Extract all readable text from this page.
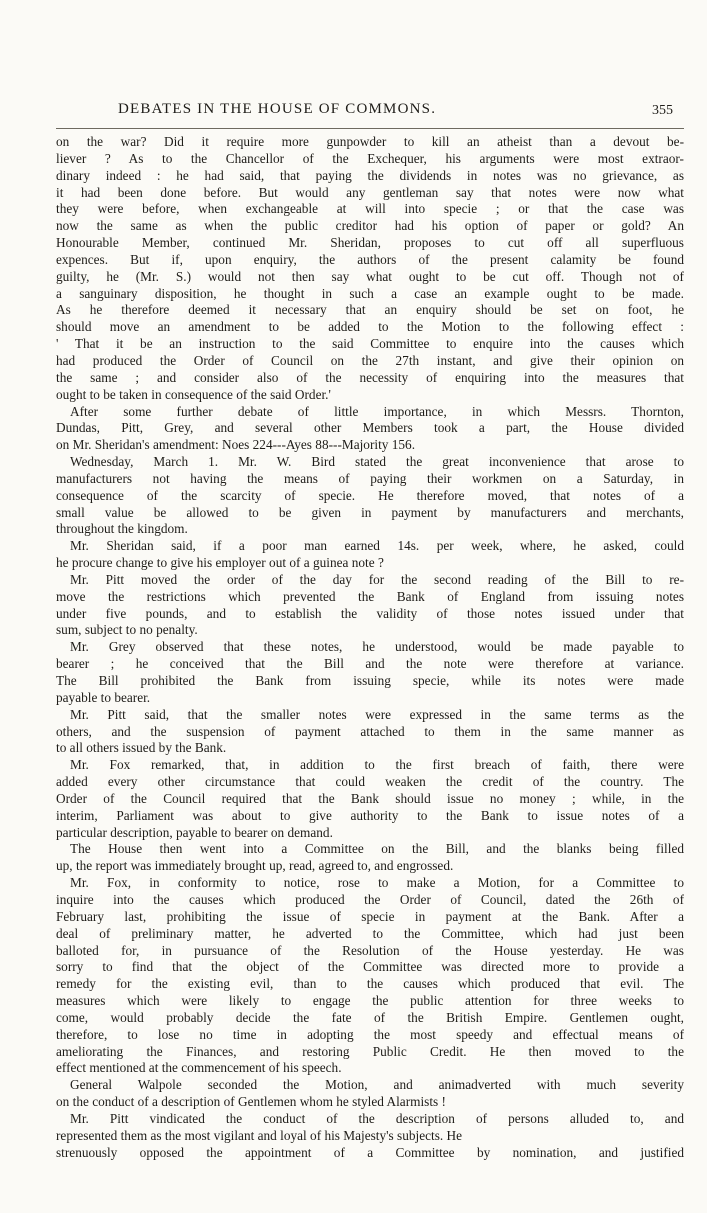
DEBATES IN THE HOUSE OF COMMONS.	355
on the war? Did it require more gunpowder to kill an atheist than a devout be-
liever ? As to the Chancellor of the Exchequer, his arguments were most extraor-
dinary indeed : he had said, that paying the dividends in notes was no grievance, as
it had been done before. But would any gentleman say that notes were now what
they were before, when exchangeable at will into specie ; or that the case was
now the same as when the public creditor had his option of paper or gold? An
Honourable Member, continued Mr. Sheridan, proposes to cut off all superfluous
expences. But if, upon enquiry, the authors of the present calamity be found
guilty, he (Mr. S.) would not then say what ought to be cut off. Though not of
a sanguinary disposition, he thought in such a case an example ought to be made.
As he therefore deemed it necessary that an enquiry should be set on foot, he
should move an amendment to be added to the Motion to the following effect :
' That it be an instruction to the said Committee to enquire into the causes which
had produced the Order of Council on the 27th instant, and give their opinion on
the same ; and consider also of the necessity of enquiring into the measures that
ought to be taken in consequence of the said Order.'
After some further debate of little importance, in which Messrs. Thornton,
Dundas, Pitt, Grey, and several other Members took a part, the House divided
on Mr. Sheridan's amendment: Noes 224---Ayes 88---Majority 156.
Wednesday, March 1. Mr. W. Bird stated the great inconvenience that arose to
manufacturers not having the means of paying their workmen on a Saturday, in
consequence of the scarcity of specie. He therefore moved, that notes of a
small value be allowed to be given in payment by manufacturers and merchants,
throughout the kingdom.
Mr. Sheridan said, if a poor man earned 14s. per week, where, he asked, could
he procure change to give his employer out of a guinea note ?
Mr. Pitt moved the order of the day for the second reading of the Bill to re-
move the restrictions which prevented the Bank of England from issuing notes
under five pounds, and to establish the validity of those notes issued under that
sum, subject to no penalty.
Mr. Grey observed that these notes, he understood, would be made payable to
bearer ; he conceived that the Bill and the note were therefore at variance.
The Bill prohibited the Bank from issuing specie, while its notes were made
payable to bearer.
Mr. Pitt said, that the smaller notes were expressed in the same terms as the
others, and the suspension of payment attached to them in the same manner as
to all others issued by the Bank.
Mr. Fox remarked, that, in addition to the first breach of faith, there were
added every other circumstance that could weaken the credit of the country. The
Order of the Council required that the Bank should issue no money ; while, in the
interim, Parliament was about to give authority to the Bank to issue notes of a
particular description, payable to bearer on demand.
The House then went into a Committee on the Bill, and the blanks being filled
up, the report was immediately brought up, read, agreed to, and engrossed.
Mr. Fox, in conformity to notice, rose to make a Motion, for a Committee to
inquire into the causes which produced the Order of Council, dated the 26th of
February last, prohibiting the issue of specie in payment at the Bank. After a
deal of preliminary matter, he adverted to the Committee, which had just been
balloted for, in pursuance of the Resolution of the House yesterday. He was
sorry to find that the object of the Committee was directed more to provide a
remedy for the existing evil, than to the causes which produced that evil. The
measures which were likely to engage the public attention for three weeks to
come, would probably decide the fate of the British Empire. Gentlemen ought,
therefore, to lose no time in adopting the most speedy and effectual means of
ameliorating the Finances, and restoring Public Credit. He then moved to the
effect mentioned at the commencement of his speech.
General Walpole seconded the Motion, and animadverted with much severity
on the conduct of a description of Gentlemen whom he styled Alarmists !
Mr. Pitt vindicated the conduct of the description of persons alluded to, and
represented them as the most vigilant and loyal of his Majesty's subjects. He
strenuously opposed the appointment of a Committee by nomination, and justified
